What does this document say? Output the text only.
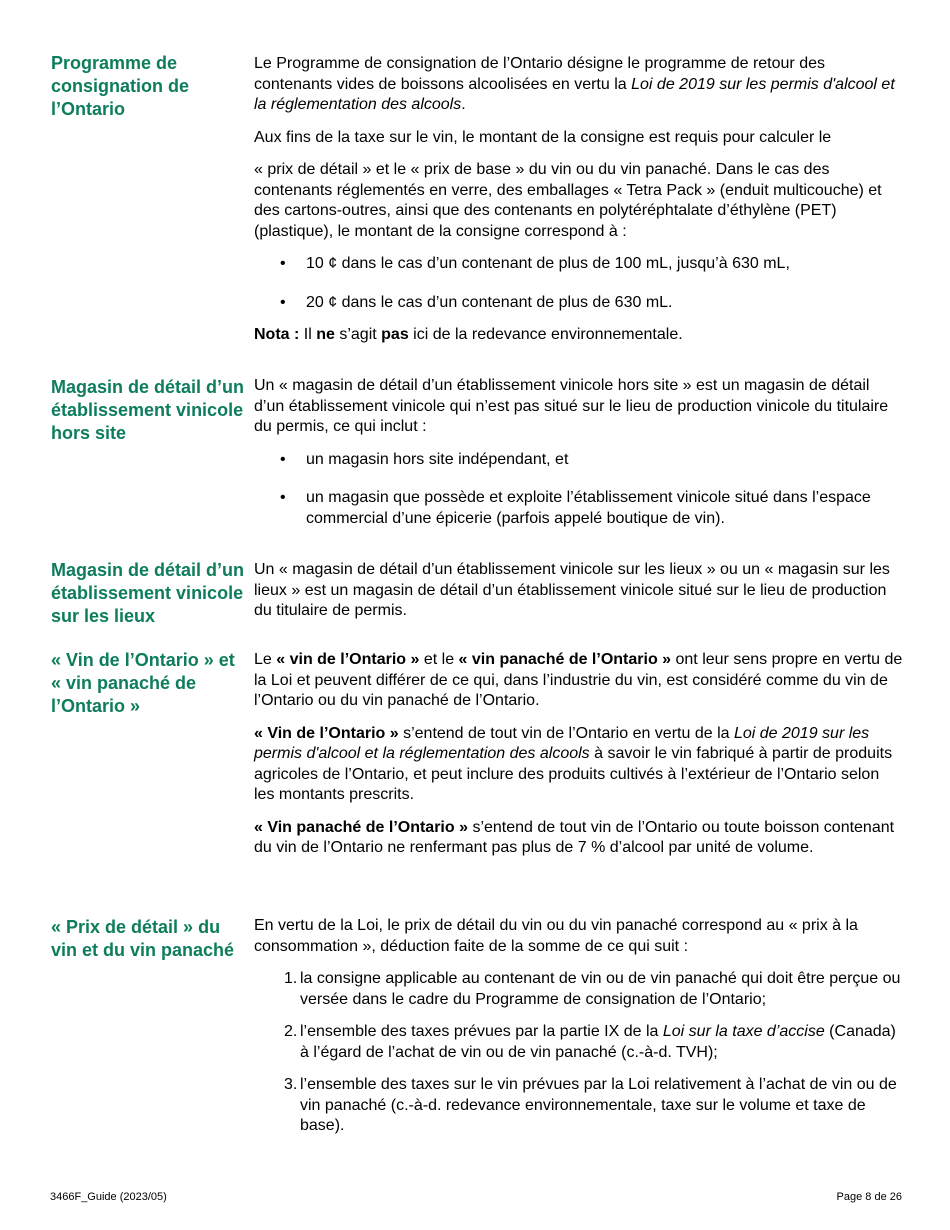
Programme de consignation de l’Ontario

Le Programme de consignation de l’Ontario désigne le programme de retour des contenants vides de boissons alcoolisées en vertu la Loi de 2019 sur les permis d'alcool et la réglementation des alcools.

Aux fins de la taxe sur le vin, le montant de la consigne est requis pour calculer le

« prix de détail » et le « prix de base » du vin ou du vin panaché. Dans le cas des contenants réglementés en verre, des emballages « Tetra Pack » (enduit multicouche) et des cartons-outres, ainsi que des contenants en polytéréphtalate d’éthylène (PET) (plastique), le montant de la consigne correspond à :

• 10 ¢ dans le cas d’un contenant de plus de 100 mL, jusqu’à 630 mL,
• 20 ¢ dans le cas d’un contenant de plus de 630 mL.

Nota : Il ne s’agit pas ici de la redevance environnementale.

Magasin de détail d’un établissement vinicole hors site

Un « magasin de détail d’un établissement vinicole hors site » est un magasin de détail d’un établissement vinicole qui n’est pas situé sur le lieu de production vinicole du titulaire du permis, ce qui inclut :

• un magasin hors site indépendant, et
• un magasin que possède et exploite l’établissement vinicole situé dans l’espace commercial d’une épicerie (parfois appelé boutique de vin).
Magasin de détail d’un établissement vinicole sur les lieux

Un « magasin de détail d’un établissement vinicole sur les lieux » ou un « magasin sur les lieux » est un magasin de détail d’un établissement vinicole situé sur le lieu de production du titulaire de permis.

« Vin de l’Ontario » et « vin panaché de l’Ontario »

Le « vin de l’Ontario » et le « vin panaché de l’Ontario » ont leur sens propre en vertu de la Loi et peuvent différer de ce qui, dans l’industrie du vin, est considéré comme du vin de l’Ontario ou du vin panaché de l’Ontario.

« Vin de l’Ontario » s’entend de tout vin de l’Ontario en vertu de la Loi de 2019 sur les permis d'alcool et la réglementation des alcools à savoir le vin fabriqué à partir de produits agricoles de l’Ontario, et peut inclure des produits cultivés à l’extérieur de l’Ontario selon les montants prescrits.

« Vin panaché de l’Ontario » s’entend de tout vin de l’Ontario ou toute boisson contenant du vin de l’Ontario ne renfermant pas plus de 7 % d’alcool par unité de volume.

« Prix de détail » du vin et du vin panaché

En vertu de la Loi, le prix de détail du vin ou du vin panaché correspond au « prix à la consommation », déduction faite de la somme de ce qui suit :

1. la consigne applicable au contenant de vin ou de vin panaché qui doit être perçue ou versée dans le cadre du Programme de consignation de l’Ontario;
2. l’ensemble des taxes prévues par la partie IX de la Loi sur la taxe d’accise (Canada) à l’égard de l’achat de vin ou de vin panaché (c.-à-d. TVH);
3. l’ensemble des taxes sur le vin prévues par la Loi relativement à l’achat de vin ou de vin panaché (c.-à-d. redevance environnementale, taxe sur le volume et taxe de base).
3466F_Guide (2023/05)	Page 8 de 26
